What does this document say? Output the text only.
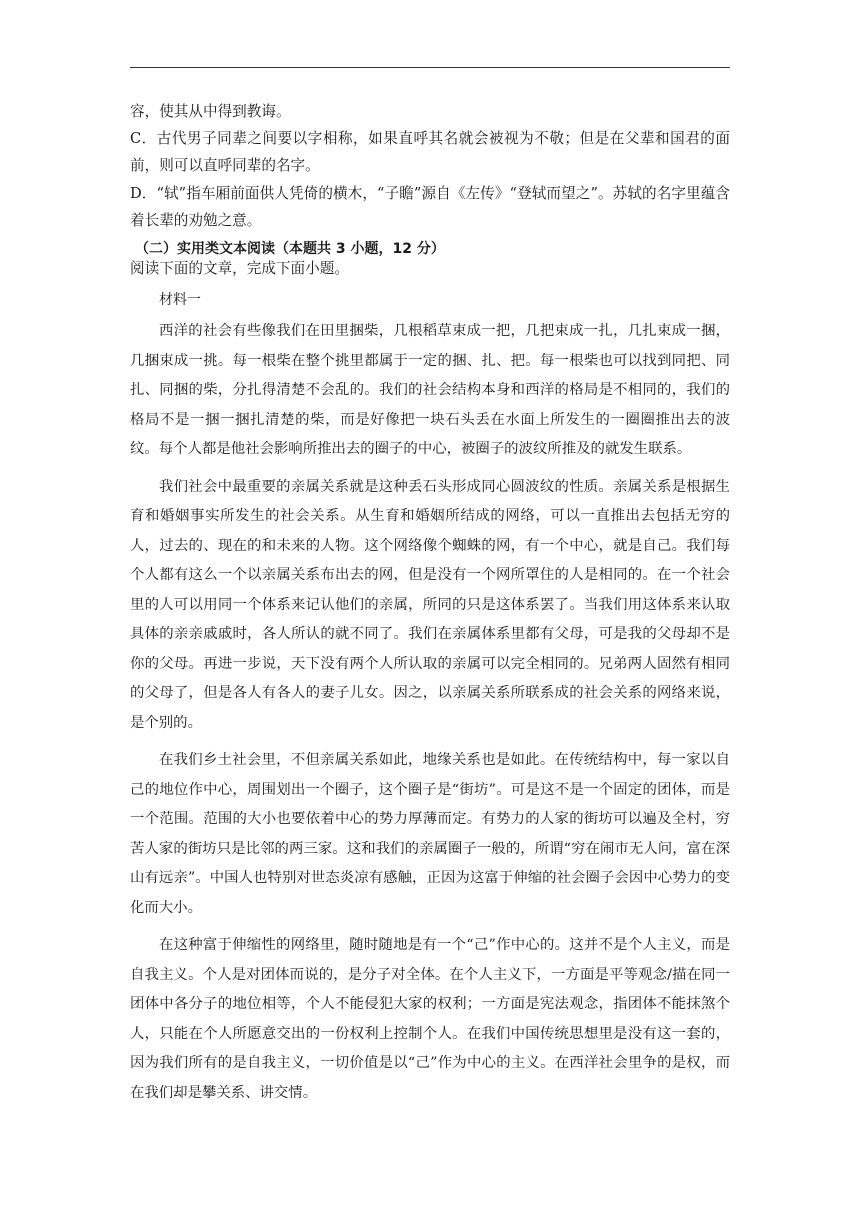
容，使其从中得到教诲。

C．古代男子同辈之间要以字相称，如果直呼其名就会被视为不敬；但是在父辈和国君的面前，则可以直呼同辈的名字。

D．“轼”指车厢前面供人凭倚的横木，“子瞻”源自《左传》“登轼而望之”。苏轼的名字里蕴含着长辈的劝勉之意。

（二）实用类文本阅读（本题共 3 小题，12 分）

阅读下面的文章，完成下面小题。

材料一

西洋的社会有些像我们在田里捆柴，几根稻草束成一把，几把束成一扎，几扎束成一捆，几捆束成一挑。每一根柴在整个挑里都属于一定的捆、扎、把。每一根柴也可以找到同把、同扎、同捆的柴，分扎得清楚不会乱的。我们的社会结构本身和西洋的格局是不相同的，我们的格局不是一捆一捆扎清楚的柴，而是好像把一块石头丢在水面上所发生的一圈圈推出去的波纹。每个人都是他社会影响所推出去的圈子的中心，被圈子的波纹所推及的就发生联系。

我们社会中最重要的亲属关系就是这种丢石头形成同心圆波纹的性质。亲属关系是根据生育和婚姻事实所发生的社会关系。从生育和婚姻所结成的网络，可以一直推出去包括无穷的人，过去的、现在的和未来的人物。这个网络像个蜘蛛的网，有一个中心，就是自己。我们每个人都有这么一个以亲属关系布出去的网，但是没有一个网所罩住的人是相同的。在一个社会里的人可以用同一个体系来记认他们的亲属，所同的只是这体系罢了。当我们用这体系来认取具体的亲亲戚戚时，各人所认的就不同了。我们在亲属体系里都有父母，可是我的父母却不是你的父母。再进一步说，天下没有两个人所认取的亲属可以完全相同的。兄弟两人固然有相同的父母了，但是各人有各人的妻子儿女。因之，以亲属关系所联系成的社会关系的网络来说，是个别的。

在我们乡土社会里，不但亲属关系如此，地缘关系也是如此。在传统结构中，每一家以自己的地位作中心，周围划出一个圈子，这个圈子是“街坊”。可是这不是一个固定的团体，而是一个范围。范围的大小也要依着中心的势力厚薄而定。有势力的人家的街坊可以遍及全村，穷苦人家的街坊只是比邻的两三家。这和我们的亲属圈子一般的，所谓“穷在闹市无人问，富在深山有远亲”。中国人也特别对世态炎凉有感触，正因为这富于伸缩的社会圈子会因中心势力的变化而大小。

在这种富于伸缩性的网络里，随时随地是有一个“己”作中心的。这并不是个人主义，而是自我主义。个人是对团体而说的，是分子对全体。在个人主义下，一方面是平等观念/描在同一团体中各分子的地位相等，个人不能侵犯大家的权利；一方面是宪法观念，指团体不能抹煞个人，只能在个人所愿意交出的一份权利上控制个人。在我们中国传统思想里是没有这一套的，因为我们所有的是自我主义，一切价值是以“己”作为中心的主义。在西洋社会里争的是权，而在我们却是攀关系、讲交情。
